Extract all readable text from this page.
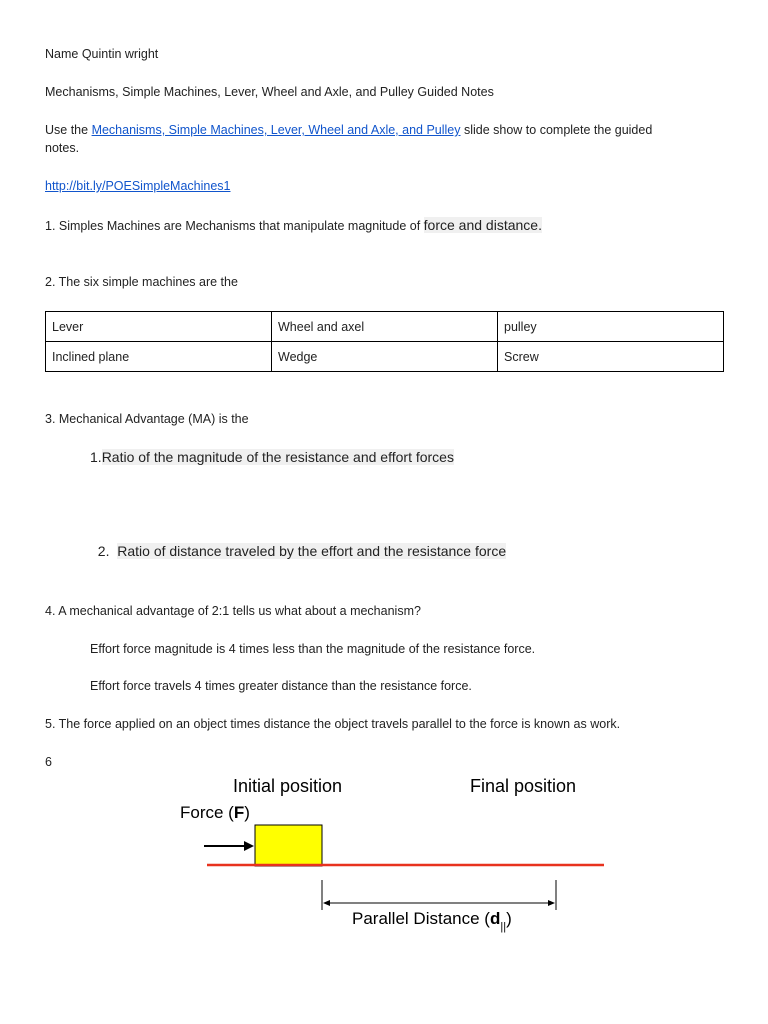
Name Quintin wright
Mechanisms, Simple Machines, Lever, Wheel and Axle, and Pulley Guided Notes
Use the Mechanisms, Simple Machines, Lever, Wheel and Axle, and Pulley slide show to complete the guided
notes.
http://bit.ly/POESimpleMachines1
1. Simples Machines are Mechanisms that manipulate magnitude of force and distance.
2. The six simple machines are the
Lever	Wheel and axel	pulley
Inclined plane	Wedge	Screw
3. Mechanical Advantage (MA) is the
1.Ratio of the magnitude of the resistance and effort forces

2.  Ratio of distance traveled by the effort and the resistance force

4. A mechanical advantage of 2:1 tells us what about a mechanism?
Effort force magnitude is 4 times less than the magnitude of the resistance force.
Effort force travels 4 times greater distance than the resistance force.
5. The force applied on an object times distance the object travels parallel to the force is known as work.
6
Initial position	Final position
Force (F)
Parallel Distance $(d_{||})$
